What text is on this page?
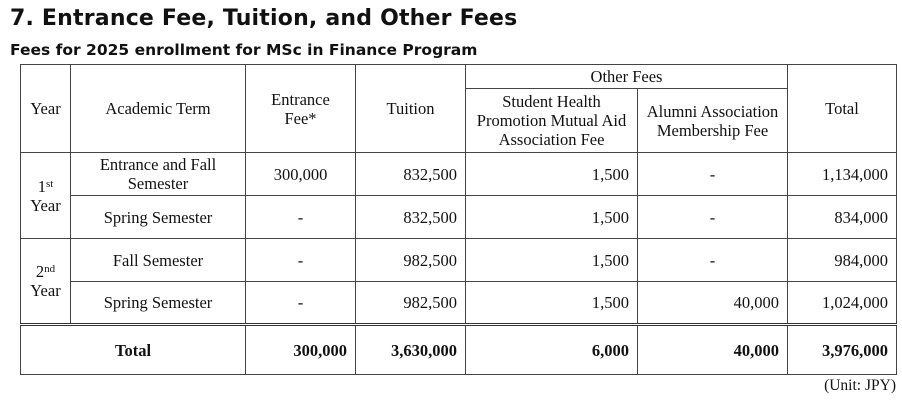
7. Entrance Fee, Tuition, and Other Fees
Fees for 2025 enrollment for MSc in Finance Program
Year	Academic Term	Entrance Fee*	Tuition	Other Fees		Total
				Student Health Promotion Mutual Aid Association Fee	Alumni Association Membership Fee	
1st
Year	Entrance and Fall Semester	300,000	832,500	1,500	-	1,134,000
	Spring Semester	-	832,500	1,500	-	834,000
2nd
Year	Fall Semester	-	982,500	1,500	-	984,000
	Spring Semester	-	982,500	1,500	40,000	1,024,000
Total		300,000	3,630,000	6,000	40,000	3,976,000
(Unit: JPY)
